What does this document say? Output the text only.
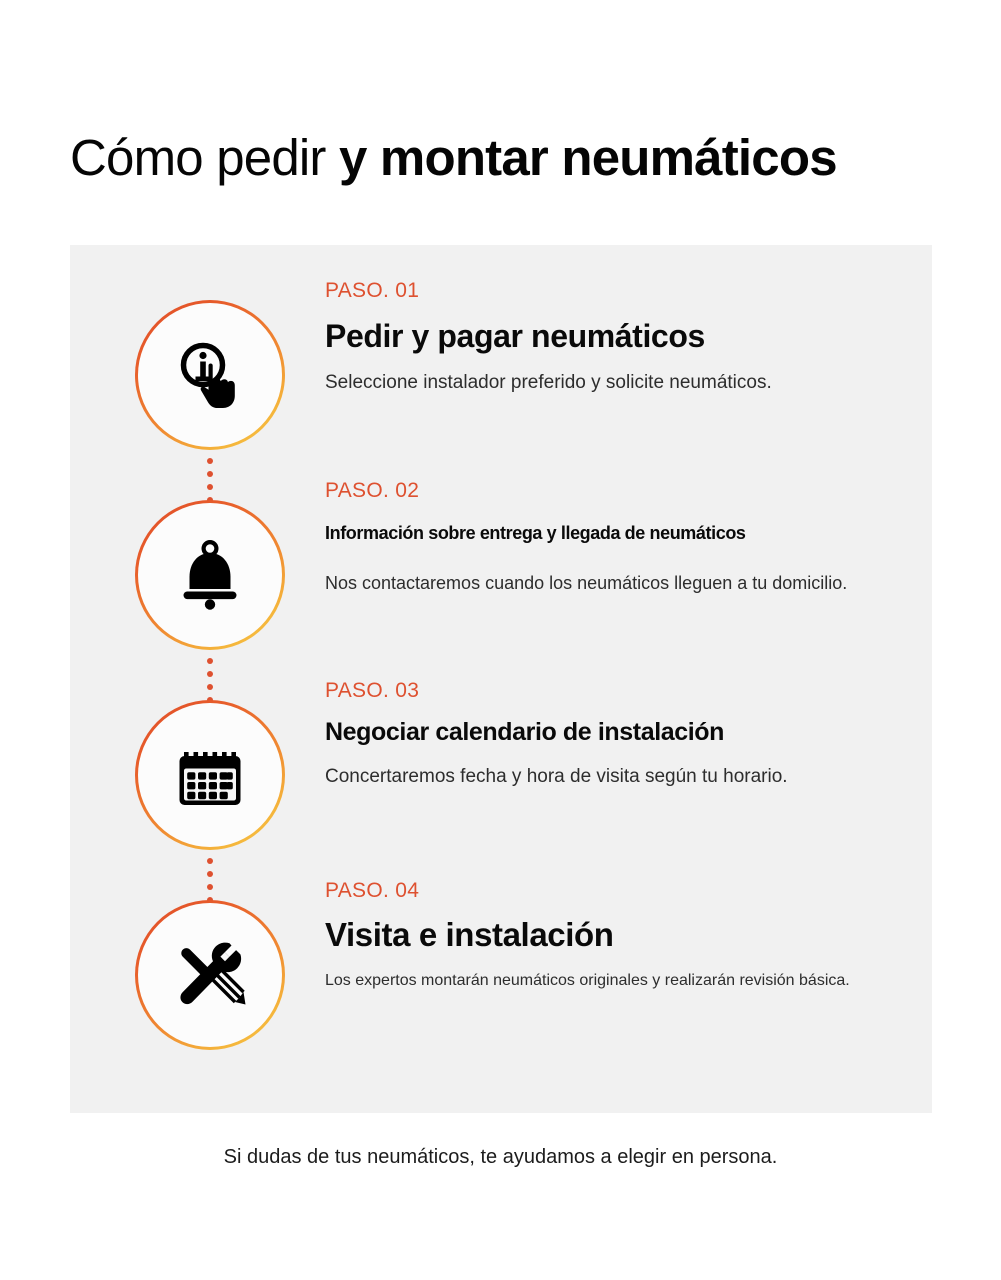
Cómo pedir y montar neumáticos
PASO. 01
Pedir y pagar neumáticos
Seleccione instalador preferido y solicite neumáticos.
PASO. 02
Información sobre entrega y llegada de neumáticos
Nos contactaremos cuando los neumáticos lleguen a tu domicilio.
PASO. 03
Negociar calendario de instalación
Concertaremos fecha y hora de visita según tu horario.
PASO. 04
Visita e instalación
Los expertos montarán neumáticos originales y realizarán revisión básica.

Si dudas de tus neumáticos, te ayudamos a elegir en persona.
